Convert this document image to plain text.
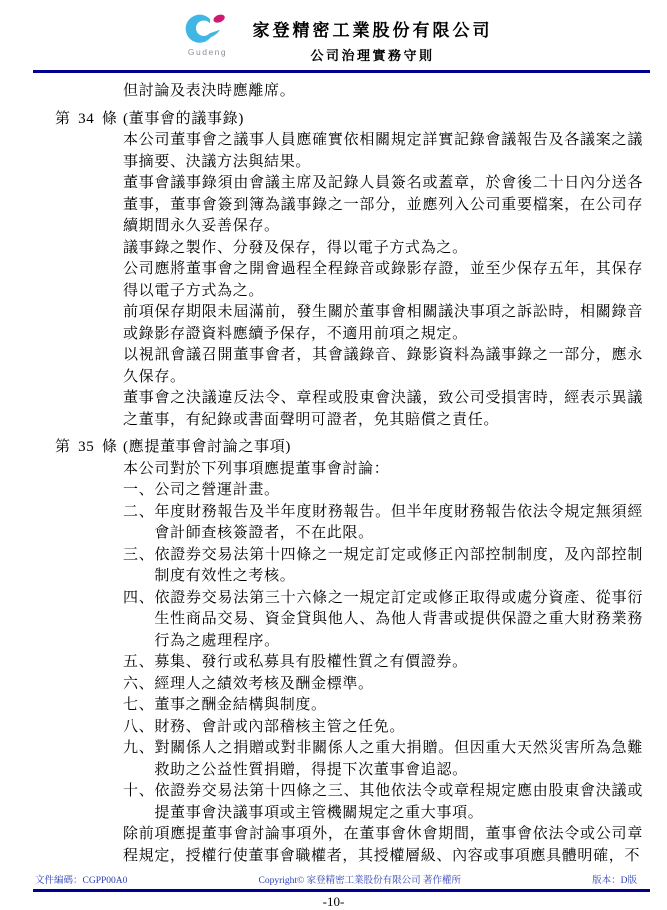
Gudeng
家登精密工業股份有限公司
公司治理實務守則
但討論及表決時應離席。
第 34 條 (董事會的議事錄)
本公司董事會之議事人員應確實依相關規定詳實記錄會議報告及各議案之議事摘要、決議方法與結果。
董事會議事錄須由會議主席及記錄人員簽名或蓋章，於會後二十日內分送各董事，董事會簽到簿為議事錄之一部分，並應列入公司重要檔案，在公司存續期間永久妥善保存。
議事錄之製作、分發及保存，得以電子方式為之。
公司應將董事會之開會過程全程錄音或錄影存證，並至少保存五年，其保存得以電子方式為之。
前項保存期限未屆滿前，發生關於董事會相關議決事項之訴訟時，相關錄音或錄影存證資料應續予保存，不適用前項之規定。
以視訊會議召開董事會者，其會議錄音、錄影資料為議事錄之一部分，應永久保存。
董事會之決議違反法令、章程或股東會決議，致公司受損害時，經表示異議之董事，有紀錄或書面聲明可證者，免其賠償之責任。
第 35 條 (應提董事會討論之事項)
本公司對於下列事項應提董事會討論：
一、公司之營運計畫。
二、年度財務報告及半年度財務報告。但半年度財務報告依法令規定無須經會計師查核簽證者，不在此限。
三、依證券交易法第十四條之一規定訂定或修正內部控制制度，及內部控制制度有效性之考核。
四、依證券交易法第三十六條之一規定訂定或修正取得或處分資產、從事衍生性商品交易、資金貸與他人、為他人背書或提供保證之重大財務業務行為之處理程序。
五、募集、發行或私募具有股權性質之有價證券。
六、經理人之績效考核及酬金標準。
七、董事之酬金結構與制度。
八、財務、會計或內部稽核主管之任免。
九、對關係人之捐贈或對非關係人之重大捐贈。但因重大天然災害所為急難救助之公益性質捐贈，得提下次董事會追認。
十、依證券交易法第十四條之三、其他依法令或章程規定應由股東會決議或提董事會決議事項或主管機關規定之重大事項。
除前項應提董事會討論事項外，在董事會休會期間，董事會依法令或公司章程規定，授權行使董事會職權者，其授權層級、內容或事項應具體明確，不
文件編碼：CGPP00A0	Copyright© 家登精密工業股份有限公司 著作權所	版本：D版
-10-
